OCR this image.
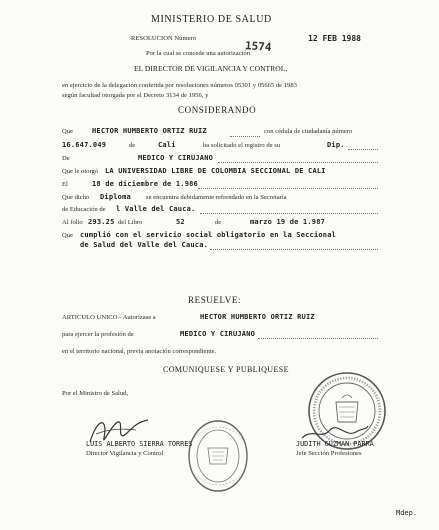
MINISTERIO DE SALUD
RESOLUCION Número
1574
12 FEB 1988
Por la cual se concede una autorización
EL DIRECTOR DE VIGILANCIA Y CONTROL,
en ejercicio de la delegación conferida por resoluciones números 05301 y 05665 de 1983
según facultad otorgada por el Decreto 3134 de 1956, y
CONSIDERANDO
Que	HECTOR HUMBERTO ORTIZ RUIZ	con cédula de ciudadanía número
16.647.049	de	Cali	ha solicitado el registro de su	Dip.
De	MEDICO Y CIRUJANO
Que le otorgó LA UNIVERSIDAD LIBRE DE COLOMBIA SECCIONAL DE CALI
El	18 de diciembre de 1.986
Que dicho Diploma se encuentra debidamente refrendado en la Secretaría
de Educación de l Valle del Cauca.
Al folio 293.25 del Libro	52	de	marzo 19 de 1.987
Que cumplió con el servicio social obligatorio en la Seccional
de Salud del Valle del Cauca.
RESUELVE:
ARTICULO UNICO.- Autorízase a	HECTOR HUMBERTO ORTIZ RUIZ
para ejercer la profesión de	MEDICO Y CIRUJANO
en el territorio nacional, previa anotación correspondiente.
COMUNIQUESE Y PUBLIQUESE
Por el Ministro de Salud,
LUIS ALBERTO SIERRA TORRES
Director Vigilancia y Control
JUDITH GUZMAN PARRA
Jefe Sección Profesiones
Mdep.
